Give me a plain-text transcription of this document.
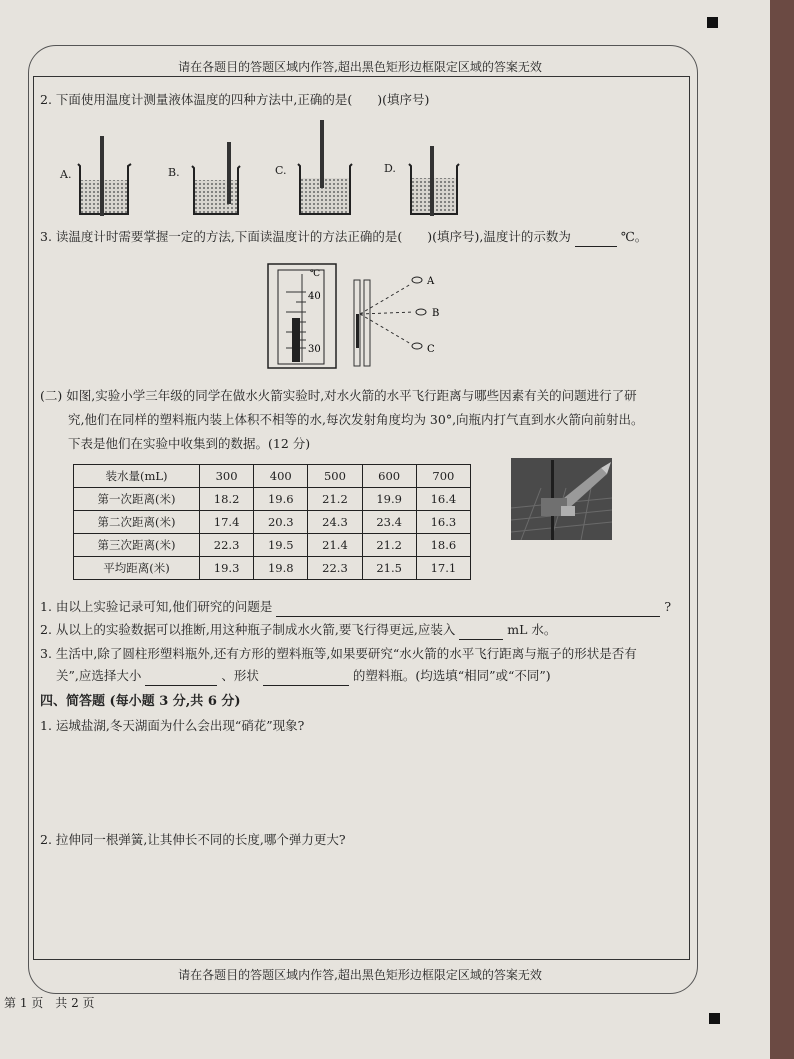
请在各题目的答题区域内作答,超出黑色矩形边框限定区域的答案无效
请在各题目的答题区域内作答,超出黑色矩形边框限定区域的答案无效
第 1 页　共 2 页
2. 下面使用温度计测量液体温度的四种方法中,正确的是(　　)(填序号)
A.	B.	C.	D.
3. 读温度计时需要掌握一定的方法,下面读温度计的方法正确的是(　　)(填序号),温度计的示数为	℃。
℃
40
30
A
B
C
(二) 如图,实验小学三年级的同学在做水火箭实验时,对水火箭的水平飞行距离与哪些因素有关的问题进行了研
究,他们在同样的塑料瓶内装上体积不相等的水,每次发射角度均为 30°,向瓶内打气直到水火箭向前射出。
下表是他们在实验中收集到的数据。(12 分)
装水量(mL)	300	400	500	600	700
第一次距离(米)	18.2	19.6	21.2	19.9	16.4
第二次距离(米)	17.4	20.3	24.3	23.4	16.3
第三次距离(米)	22.3	19.5	21.4	21.2	18.6
平均距离(米)	19.3	19.8	22.3	21.5	17.1
1. 由以上实验记录可知,他们研究的问题是	?
2. 从以上的实验数据可以推断,用这种瓶子制成水火箭,要飞行得更远,应装入	mL 水。
3. 生活中,除了圆柱形塑料瓶外,还有方形的塑料瓶等,如果要研究“水火箭的水平飞行距离与瓶子的形状是否有
关”,应选择大小	、形状	的塑料瓶。(均选填“相同”或“不同”)
四、简答题 (每小题 3 分,共 6 分)
1. 运城盐湖,冬天湖面为什么会出现“硝花”现象?
2. 拉伸同一根弹簧,让其伸长不同的长度,哪个弹力更大?
